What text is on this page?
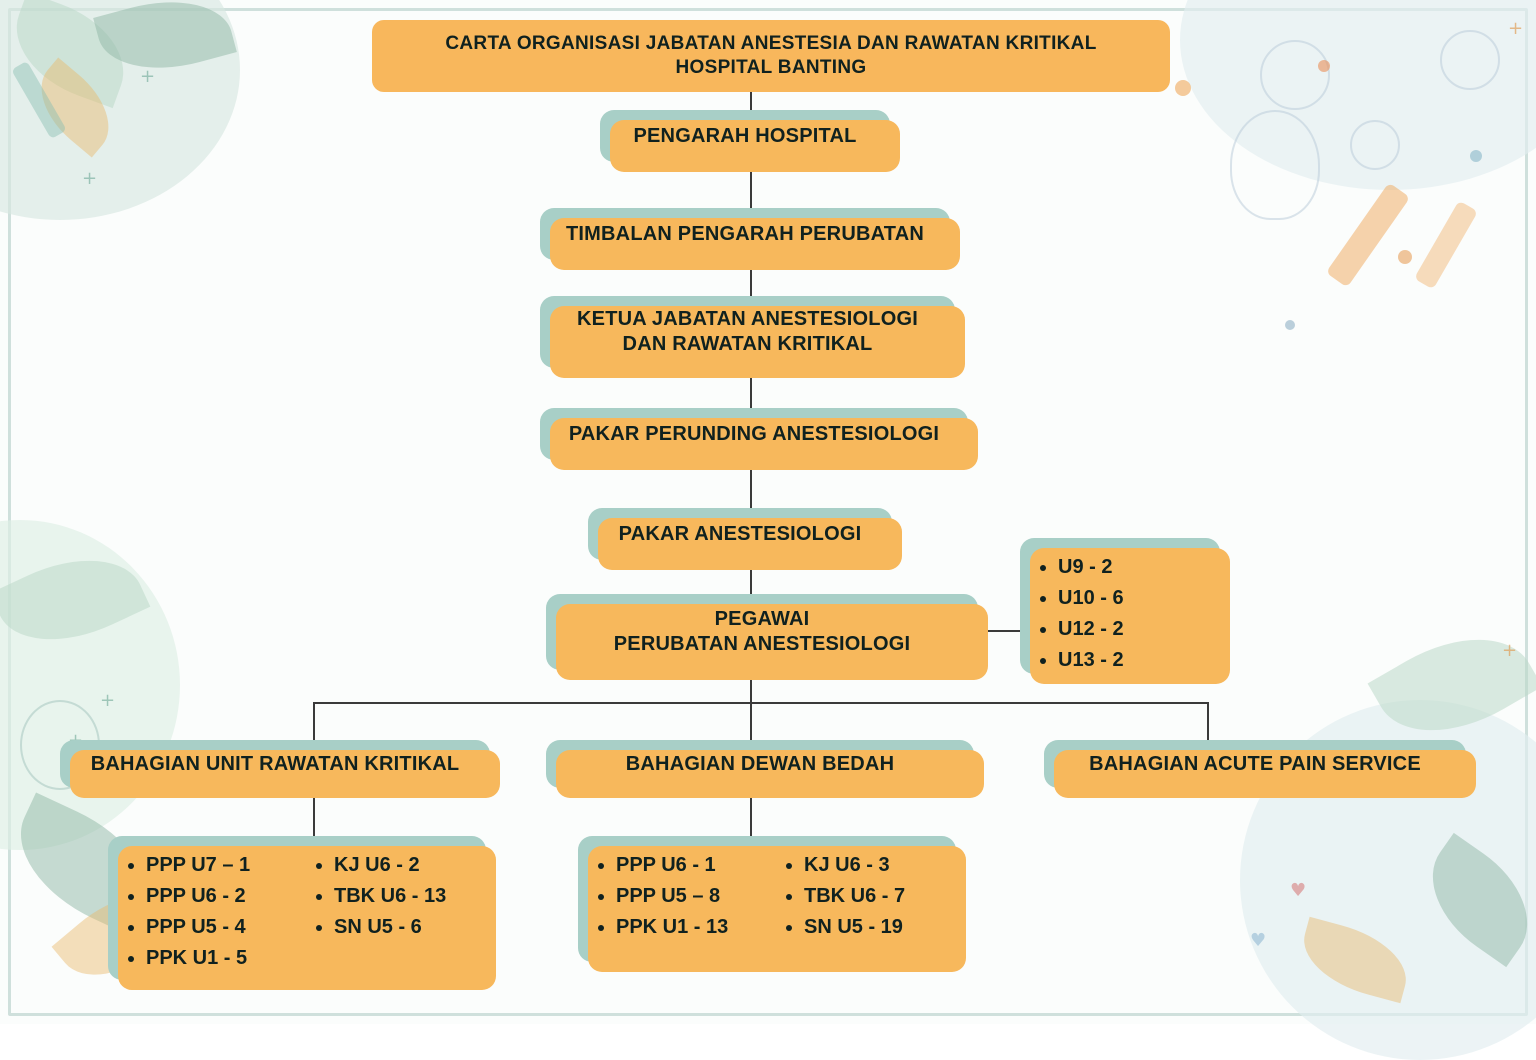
+
+
+
+
+
♥
♥
CARTA ORGANISASI JABATAN ANESTESIA DAN RAWATAN KRITIKAL
HOSPITAL BANTING
PENGARAH HOSPITAL
TIMBALAN PENGARAH PERUBATAN
KETUA JABATAN ANESTESIOLOGI
DAN RAWATAN KRITIKAL
PAKAR PERUNDING ANESTESIOLOGI
PAKAR ANESTESIOLOGI
PEGAWAI
PERUBATAN ANESTESIOLOGI
• U9 - 2
• U10 - 6
• U12 - 2
• U13 - 2
BAHAGIAN UNIT RAWATAN KRITIKAL	BAHAGIAN DEWAN BEDAH	BAHAGIAN ACUTE PAIN SERVICE
• PPP U7 – 1
• PPP U6 - 2
• PPP U5 - 4
• PPK U1 - 5
• KJ U6 - 2
• TBK U6 - 13
• SN U5 - 6
• PPP U6 - 1
• PPP U5 – 8
• PPK U1 - 13
• KJ U6 - 3
• TBK U6 - 7
• SN U5 - 19
